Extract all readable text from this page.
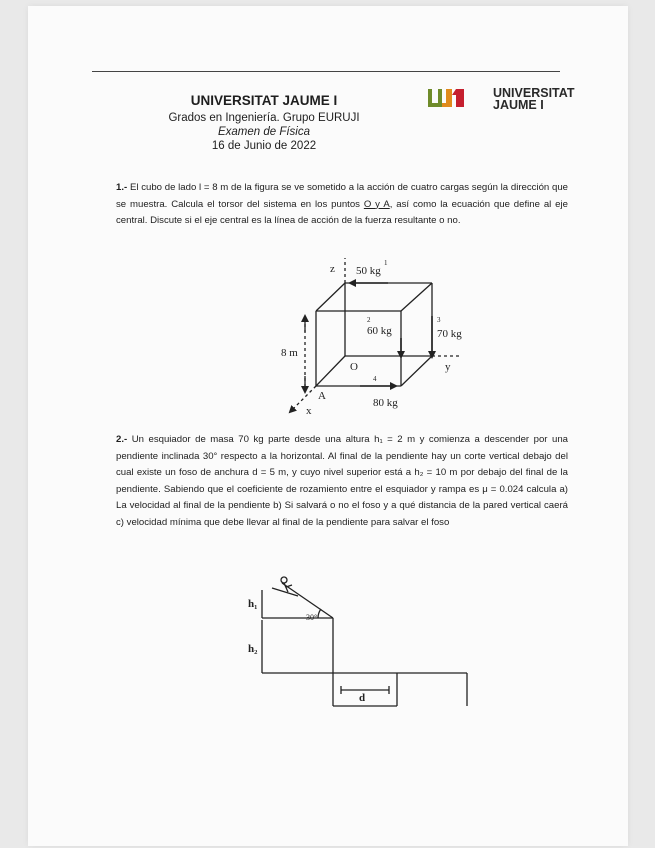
UNIVERSITAT JAUME I
Grados en Ingeniería. Grupo EURUJI
Examen de Física
16 de Junio de 2022
UNIVERSITAT
JAUME I
1.- El cubo de lado l = 8 m de la figura se ve sometido a la acción de cuatro cargas según la dirección que se muestra. Calcula el torsor del sistema en los puntos O y A, así como la ecuación que define al eje central. Discute si el eje central es la línea de acción de la fuerza resultante o no.
z
y
x
O
A
50 kg
60 kg	70 kg
80 kg
8 m
1
2	3
4
2.- Un esquiador de masa 70 kg parte desde una altura h₁ = 2 m y comienza a descender por una pendiente inclinada 30° respecto a la horizontal. Al final de la pendiente hay un corte vertical debajo del cual existe un foso de anchura d = 5 m, y cuyo nivel superior está a h₂ = 10 m por debajo del final de la pendiente. Sabiendo que el coeficiente de rozamiento entre el esquiador y rampa es μ = 0.024 calcula a) La velocidad al final de la pendiente b) Si salvará o no el foso y a qué distancia de la pared vertical caerá c) velocidad mínima que debe llevar al final de la pendiente para salvar el foso
h₁
h₂
d
30°
